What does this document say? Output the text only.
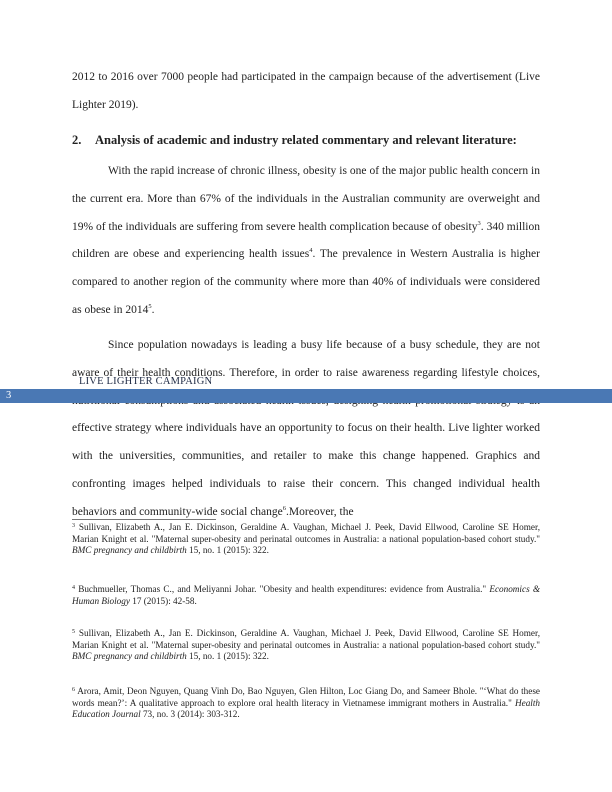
2012 to 2016 over 7000 people had participated in the campaign because of the advertisement (Live Lighter 2019).

2. Analysis of academic and industry related commentary and relevant literature:

With the rapid increase of chronic illness, obesity is one of the major public health concern in the current era. More than 67% of the individuals in the Australian community are overweight and 19% of the individuals are suffering from severe health complication because of obesity$^3$. 340 million children are obese and experiencing health issues$^4$. The prevalence in Western Australia is higher compared to another region of the community where more than 40% of individuals were considered as obese in 2014$^5$.

Since population nowadays is leading a busy life because of a busy schedule, they are not aware of their health conditions. Therefore, in order to raise awareness regarding lifestyle choices, effective strategy where individuals have an opportunity to focus on their health. Live lighter worked with the universities, communities, and retailer to make this change happened. Graphics and confronting images helped individuals to raise their concern. This changed individual health behaviors and community-wide social change$^6$.Moreover, the

3
LIVE LIGHTER CAMPAIGN

$^3$ Sullivan, Elizabeth A., Jan E. Dickinson, Geraldine A. Vaughan, Michael J. Peek, David Ellwood, Caroline SE Homer, Marian Knight et al. "Maternal super-obesity and perinatal outcomes in Australia: a national population-based cohort study." BMC pregnancy and childbirth 15, no. 1 (2015): 322.

$^4$ Buchmueller, Thomas C., and Meliyanni Johar. "Obesity and health expenditures: evidence from Australia." Economics & Human Biology 17 (2015): 42-58.

$^5$ Sullivan, Elizabeth A., Jan E. Dickinson, Geraldine A. Vaughan, Michael J. Peek, David Ellwood, Caroline SE Homer, Marian Knight et al. "Maternal super-obesity and perinatal outcomes in Australia: a national population-based cohort study." BMC pregnancy and childbirth 15, no. 1 (2015): 322.

$^6$ Arora, Amit, Deon Nguyen, Quang Vinh Do, Bao Nguyen, Glen Hilton, Loc Giang Do, and Sameer Bhole. "‘What do these words mean?’: A qualitative approach to explore oral health literacy in Vietnamese immigrant mothers in Australia." Health Education Journal 73, no. 3 (2014): 303-312.
